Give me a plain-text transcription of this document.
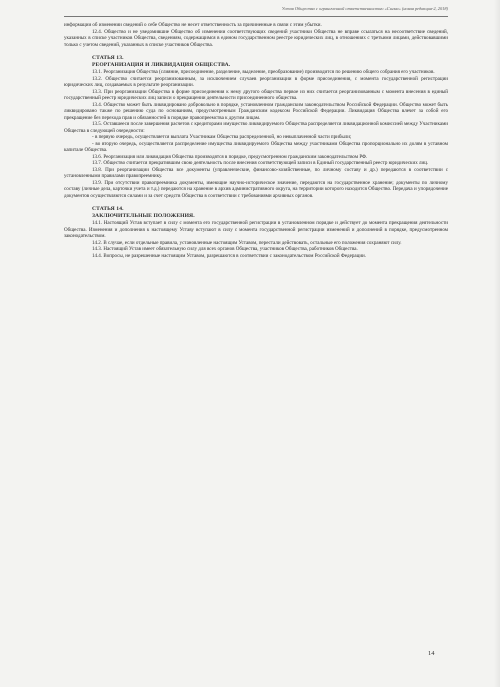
Устав Общества с ограниченной ответственностью «Сигма» (новая редакция-2, 2018)

информации об изменении сведений о себе Общество не несет ответственность за причиненные в связи с этим убытки.

12.4. Общество и не уведомившие Общество об изменении соответствующих сведений участники Общества не вправе ссылаться на несоответствие сведений, указанных в списке участников Общества, сведениям, содержащимся в едином государственном реестре юридических лиц, в отношениях с третьими лицами, действовавшими только с учетом сведений, указанных в списке участников Общества.

СТАТЬЯ 13.

РЕОРГАНИЗАЦИЯ И ЛИКВИДАЦИЯ ОБЩЕСТВА.

13.1. Реорганизация Общества (слияние, присоединение, разделение, выделение, преобразование) производится по решению общего собрания его участников.

13.2. Общество считается реорганизованным, за исключением случаев реорганизации в форме присоединения, с момента государственной регистрации юридических лиц, создаваемых в результате реорганизации.

13.3. При реорганизации Общества в форме присоединения к нему другого общества первое из них считается реорганизованным с момента внесения в единый государственный реестр юридических лиц записи о прекращении деятельности присоединенного общества.

13.4. Общество может быть ликвидировано добровольно в порядке, установленном гражданским законодательством Российской Федерации. Общество может быть ликвидировано также по решению суда по основаниям, предусмотренным Гражданским кодексом Российской Федерации. Ликвидация Общества влечет за собой его прекращение без перехода прав и обязанностей в порядке правопреемства к другим лицам.

13.5. Оставшееся после завершения расчетов с кредиторами имущество ликвидируемого Общества распределяется ликвидационной комиссией между Участниками Общества в следующей очередности:

- в первую очередь, осуществляется выплата Участникам Общества распределенной, но невыплаченной части прибыли;

- во вторую очередь, осуществляется распределение имущества ликвидируемого Общества между участниками Общества пропорционально их долям в уставном капитале Общества.

13.6. Реорганизация или ликвидация Общества производятся в порядке, предусмотренном гражданским законодательством РФ.

13.7. Общество считается прекратившим свою деятельность после внесения соответствующей записи в Единый государственный реестр юридических лиц.

13.8. При реорганизации Общества все документы (управленческие, финансово-хозяйственные, по личному составу и др.) передаются в соответствии с установленными правилами правопреемнику.

13.9. При отсутствии правопреемника документы, имеющие научно-историческое значение, передаются на государственное хранение; документы по личному составу (личные дела, карточки учета и т.д.) передаются на хранение в архив административного округа, на территории которого находится Общество. Передача и упорядочение документов осуществляются силами и за счет средств Общества в соответствии с требованиями архивных органов.

СТАТЬЯ 14.

ЗАКЛЮЧИТЕЛЬНЫЕ ПОЛОЖЕНИЯ.

14.1. Настоящий Устав вступает в силу с момента его государственной регистрации в установленном порядке и действует до момента прекращения деятельности Общества. Изменения и дополнения к настоящему Уставу вступают в силу с момента государственной регистрации изменений и дополнений в порядке, предусмотренном законодательством.

14.2. В случае, если отдельные правила, установленные настоящим Уставом, перестали действовать, остальные его положения сохраняют силу.

14.3. Настоящий Устав имеет обязательную силу для всех органов Общества, участников Общества, работников Общества.

14.4. Вопросы, не разрешенные настоящим Уставом, разрешаются в соответствии с законодательством Российской Федерации.

14
